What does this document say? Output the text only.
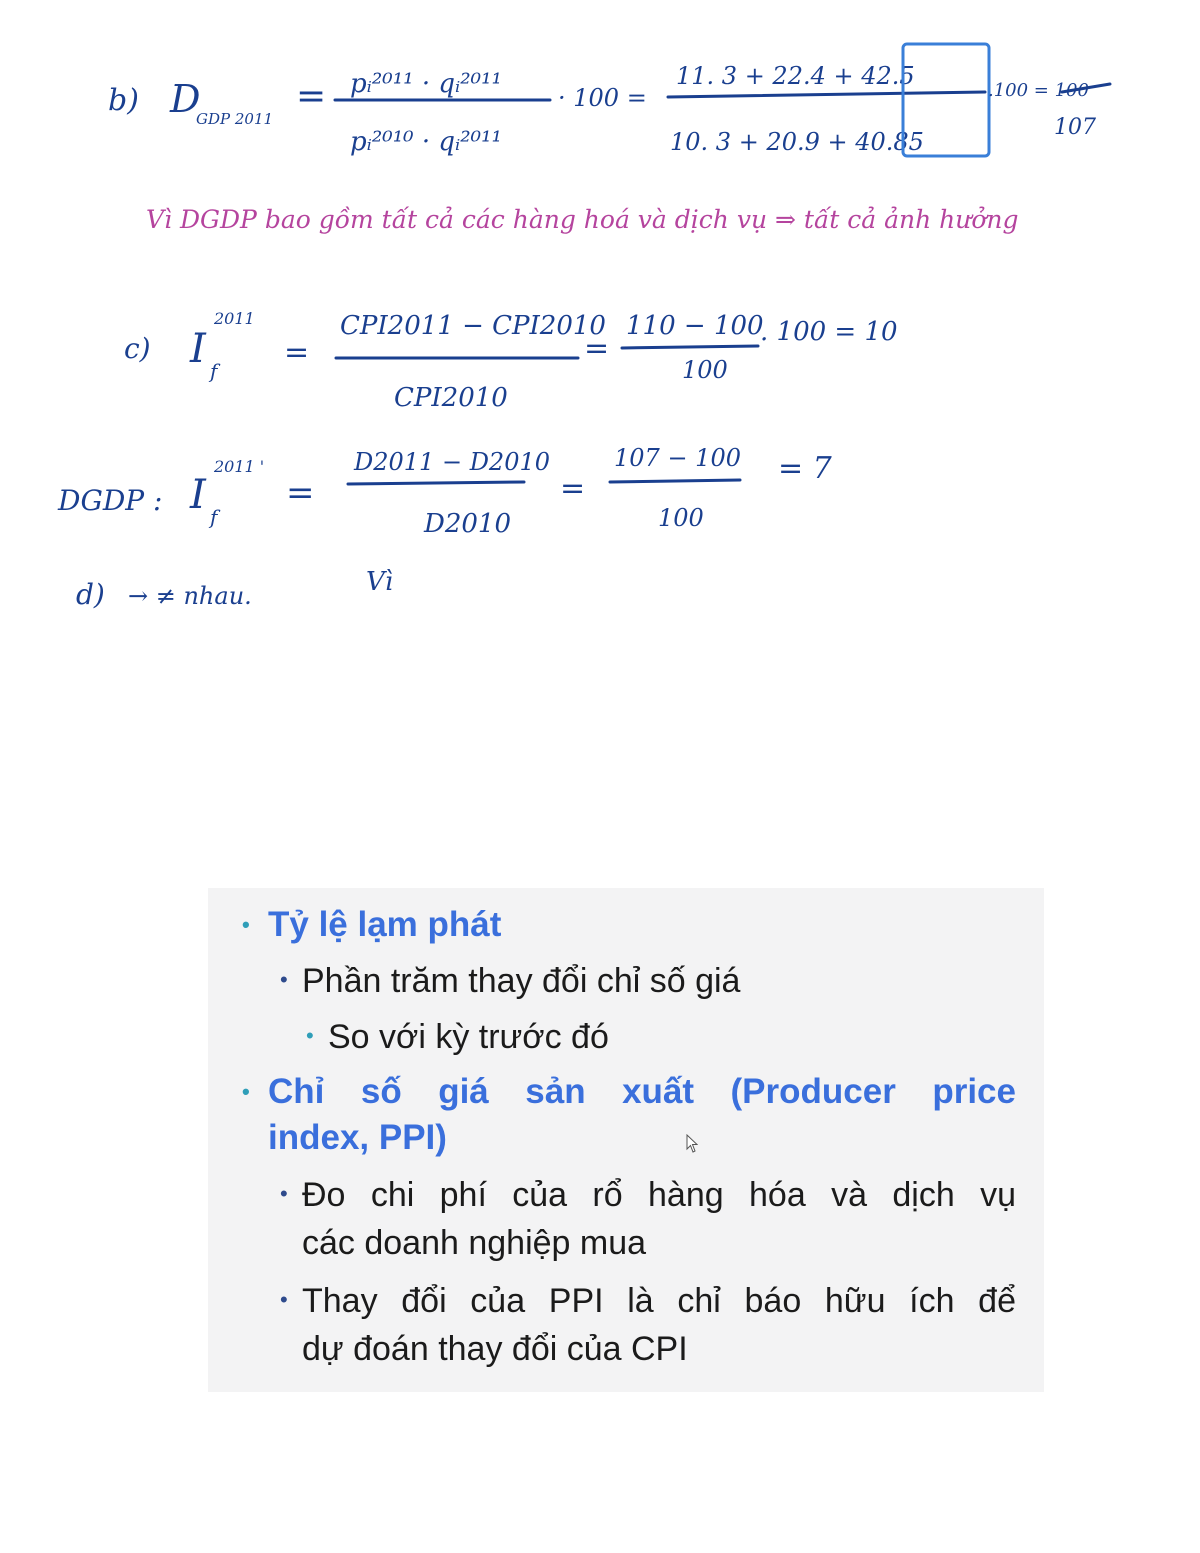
b) D
GDP 2011
= pᵢ²⁰¹¹ · qᵢ²⁰¹¹
pᵢ²⁰¹⁰ · qᵢ²⁰¹¹
· 100 =
11. 3 + 22.4 + 42.5
10. 3 + 20.9 + 40.85
.100 = 100
107
Vì DGDP bao gồm tất cả các hàng hoá và dịch vụ ⇒ tất cả ảnh hưởng
c) I f
2011
=
CPI2011 − CPI2010
CPI2010
=
110 − 100
100
. 100 = 10
DGDP : I f
2011 '
=
D2011 − D2010
D2010
=
107 − 100
100
= 7
d) → ≠ nhau.	Vì
• Tỷ lệ lạm phát
• Phần trăm thay đổi chỉ số giá
• So với kỳ trước đó
• Chỉ số giá sản xuất (Producer price
index, PPI)
• Đo chi phí của rổ hàng hóa và dịch vụ
các doanh nghiệp mua
• Thay đổi của PPI là chỉ báo hữu ích để
dự đoán thay đổi của CPI
